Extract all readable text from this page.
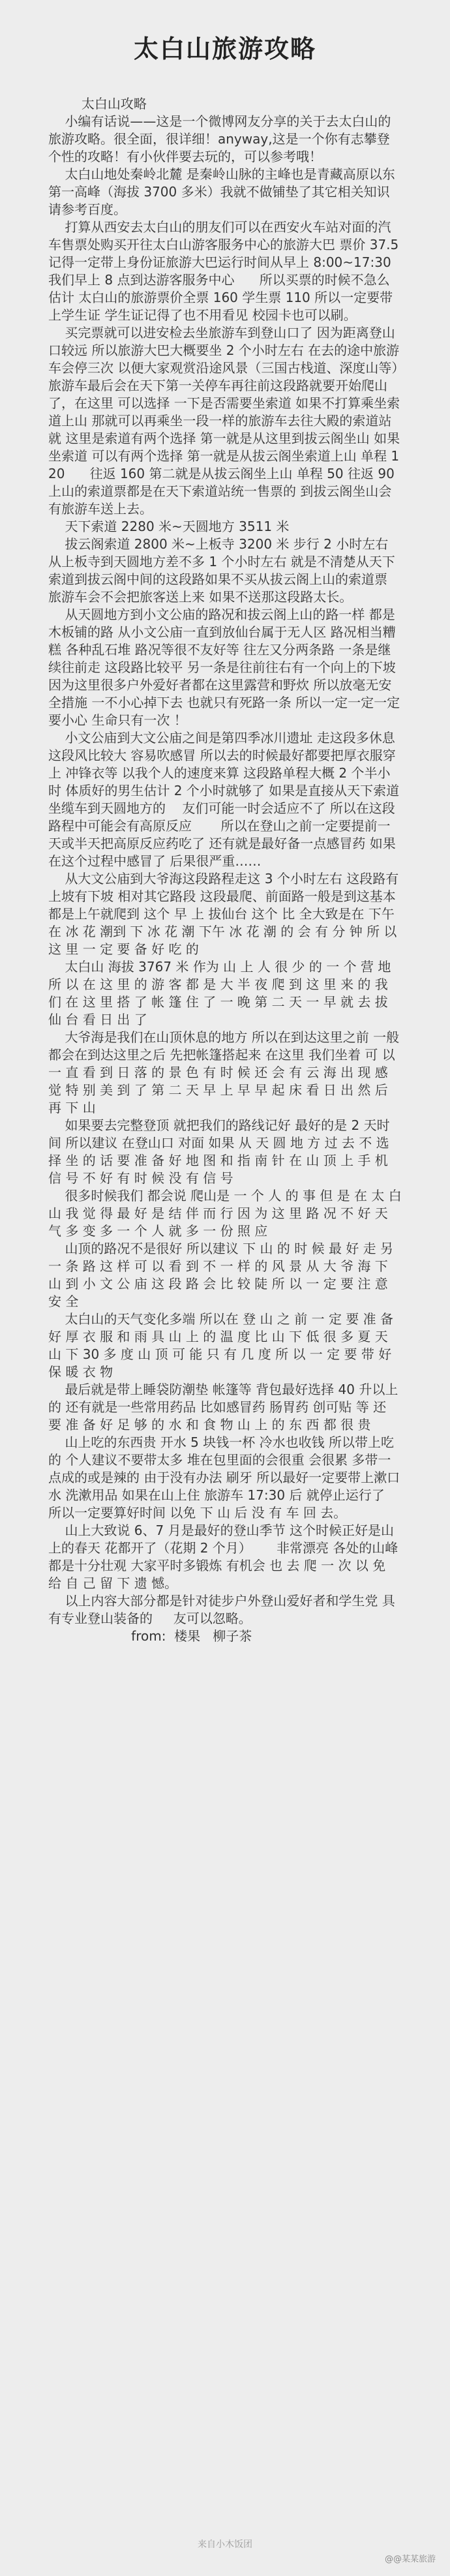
太白山旅游攻略
太白山攻略
小编有话说——这是一个微博网友分享的关于去太白山的旅游攻略。很全面，很详细！anyway,这是一个你有志攀登个性的攻略！有小伙伴要去玩的，可以参考哦！
太白山地处秦岭北麓 是秦岭山脉的主峰也是青藏高原以东第一高峰（海拔 3700 多米）我就不做铺垫了其它相关知识请参考百度。
打算从西安去太白山的朋友们可以在西安火车站对面的汽车售票处购买开往太白山游客服务中心的旅游大巴 票价 37.5 记得一定带上身份证旅游大巴运行时间从早上 8:00~17:30
我们早上 8 点到达游客服务中心      所以买票的时候不急么估计 太白山的旅游票价全票 160 学生票 110 所以一定要带上学生证 学生证记得了也不用看见 校园卡也可以刷。
买完票就可以进安检去坐旅游车到登山口了 因为距离登山口较远 所以旅游大巴大概要坐 2 个小时左右 在去的途中旅游车会停三次 以便大家观赏沿途风景（三国古栈道、深度山等）旅游车最后会在天下第一关停车再往前这段路就要开始爬山了，在这里 可以选择 一下是否需要坐索道 如果不打算乘坐索道上山 那就可以再乘坐一段一样的旅游车去往大殿的索道站 就 这里是索道有两个选择 第一就是从这里到拔云阁坐山 如果坐索道 可以有两个选择 第一就是从拔云阁坐索道上山 单程 120      往返 160 第二就是从拔云阁坐上山 单程 50 往返 90 上山的索道票都是在天下索道站统一售票的 到拔云阁坐山会有旅游车送上去。
天下索道 2280 米~天圆地方 3511 米
拔云阁索道 2800 米~上板寺 3200 米 步行 2 小时左右 从上板寺到天圆地方差不多 1 个小时左右 就是不清楚从天下索道到拔云阁中间的这段路如果不买从拔云阁上山的索道票 旅游车会不会把旅客送上来 如果不送那这段路太长。
从天圆地方到小文公庙的路况和拔云阁上山的路一样 都是木板铺的路 从小文公庙一直到放仙台属于无人区 路况相当糟糕 各种乱石堆 路况等很不友好等 往左又分两条路 一条是继续往前走 这段路比较平 另一条是往前往右有一个向上的下坡 因为这里很多户外爱好者都在这里露营和野炊 所以放毫无安全措施 一不小心掉下去 也就只有死路一条 所以一定一定一定要小心 生命只有一次 ！
小文公庙到大文公庙之间是第四季冰川遗址 走这段多休息 这段风比较大 容易吹感冒 所以去的时候最好都要把厚衣服穿上 冲锋衣等 以我个人的速度来算 这段路单程大概 2 个半小时 体质好的男生估计 2 个小时就够了 如果是直接从天下索道坐缆车到天圆地方的    友们可能一时会适应不了 所以在这段路程中可能会有高原反应       所以在登山之前一定要提前一天或半天把高原反应药吃了 还有就是最好备一点感冒药 如果在这个过程中感冒了 后果很严重……
从大文公庙到大爷海这段路程走这 3 个小时左右 这段路有上坡有下坡 相对其它路段 这段最爬、前面路一般是到这基本都是上午就爬到 这个 早 上 拔仙台 这个 比 全大致是在 下午 在 冰 花 潮到 下 冰 花 潮 下午 冰 花 潮 的 会 有 分 钟 所 以 这 里 一 定 要 备 好 吃 的
太白山 海拔 3767 米 作为 山 上 人 很 少 的 一 个 营 地 所 以 在 这 里 的 游 客 都 是 大 半 夜 爬 到 这 里 来 的 我 们 在 这 里 搭 了 帐 篷 住 了 一 晚 第 二 天 一 早 就 去 拔 仙 台 看 日 出 了
大爷海是我们在山顶休息的地方 所以在到达这里之前 一般都会在到达这里之后 先把帐篷搭起来 在这里 我们坐着 可 以 一 直 看 到 日 落 的 景 色 有 时 候 还 会 有 云 海 出 现 感 觉 特 别 美 到 了 第 二 天 早 上 早 早 起 床 看 日 出 然 后 再 下 山
如果要去完整登顶 就把我们的路线记好 最好的是 2 天时间 所以建议 在登山口 对面 如果 从 天 圆 地 方 过 去 不 选 择 坐 的 话 要 准 备 好 地 图 和 指 南 针 在 山 顶 上 手 机 信 号 不 好 有 时 候 没 有 信 号
很多时候我们 都会说 爬山是 一 个 人 的 事 但 是 在 太 白 山 我 觉 得 最 好 是 结 伴 而 行 因 为 这 里 路 况 不 好 天 气 多 变 多 一 个 人 就 多 一 份 照 应
山顶的路况不是很好 所以建议 下 山 的 时 候 最 好 走 另 一 条 路 这 样 可 以 看 到 不 一 样 的 风 景 从 大 爷 海 下 山 到 小 文 公 庙 这 段 路 会 比 较 陡 所 以 一 定 要 注 意 安 全
太白山的天气变化多端 所以在 登 山 之 前 一 定 要 准 备 好 厚 衣 服 和 雨 具 山 上 的 温 度 比 山 下 低 很 多 夏 天 山 下 30 多 度 山 顶 可 能 只 有 几 度 所 以 一 定 要 带 好 保 暖 衣 物
最后就是带上睡袋防潮垫 帐篷等 背包最好选择 40 升以上的 还有就是一些常用药品 比如感冒药 肠胃药 创可贴 等 还 要 准 备 好 足 够 的 水 和 食 物 山 上 的 东 西 都 很 贵
山上吃的东西贵 开水 5 块钱一杯 冷水也收钱 所以带上吃的 个人建议不要带太多 堆在包里面的会很重 会很累 多带一点成的或是辣的 由于没有办法 刷牙 所以最好一定要带上漱口水 洗漱用品 如果在山上住 旅游车 17:30 后 就停止运行了 所以一定要算好时间 以免 下 山 后 没 有 车 回 去。
山上大致说 6、7 月是最好的登山季节 这个时候正好是山上的春天 花都开了（花期 2 个月）      非常漂亮 各处的山峰都是十分壮观 大家平时多锻炼 有机会 也 去 爬 一 次 以 免 给 自 己 留 下 遗 憾。
以上内容大部分都是针对徒步户外登山爱好者和学生党 具有专业登山装备的     友可以忽略。
from:  楼果   柳子茶
来自小木饭团
@@某某旅游
